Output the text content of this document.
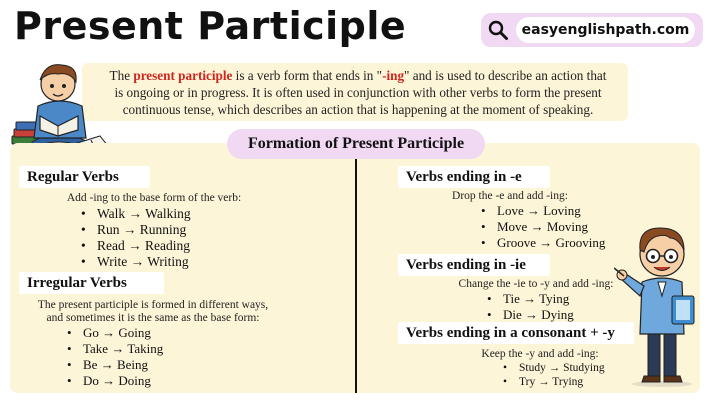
Present Participle	easyenglishpath.com
The present participle is a verb form that ends in "-ing" and is used to describe an action that is ongoing or in progress. It is often used in conjunction with other verbs to form the present continuous tense, which describes an action that is happening at the moment of speaking.
Formation of Present Participle
Regular Verbs
Add -ing to the base form of the verb:
• Walk → Walking
• Run → Running
• Read → Reading
• Write → Writing
Irregular Verbs
The present participle is formed in different ways,
and sometimes it is the same as the base form:
• Go → Going
• Take → Taking
• Be → Being
• Do → Doing
Verbs ending in -e
Drop the -e and add -ing:
• Love → Loving
• Move → Moving
• Groove → Grooving
Verbs ending in -ie
Change the -ie to -y and add -ing:
• Tie → Tying
• Die → Dying
Verbs ending in a consonant + -y
Keep the -y and add -ing:
• Study → Studying
• Try → Trying
